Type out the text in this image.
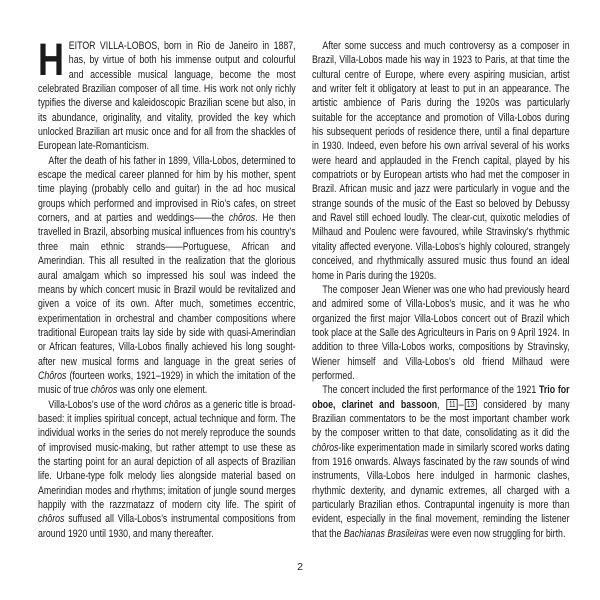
HEITOR VILLA-LOBOS, born in Rio de Janeiro in 1887, has, by virtue of both his immense output and colourful and accessible musical language, become the most celebrated Brazilian composer of all time. His work not only richly typifies the diverse and kaleidoscopic Brazilian scene but also, in its abundance, originality, and vitality, provided the key which unlocked Brazilian art music once and for all from the shackles of European late-Romanticism.

After the death of his father in 1899, Villa-Lobos, determined to escape the medical career planned for him by his mother, spent time playing (probably cello and guitar) in the ad hoc musical groups which performed and improvised in Rio’s cafes, on street corners, and at parties and weddings——the chôros. He then travelled in Brazil, absorbing musical influences from his country’s three main ethnic strands——Portuguese, African and Amerindian. This all resulted in the realization that the glorious aural amalgam which so impressed his soul was indeed the means by which concert music in Brazil would be revitalized and given a voice of its own. After much, sometimes eccentric, experimentation in orchestral and chamber compositions where traditional European traits lay side by side with quasi-Amerindian or African features, Villa-Lobos finally achieved his long sought-after new musical forms and language in the great series of Chôros (fourteen works, 1921–1929) in which the imitation of the music of true chôros was only one element.

Villa-Lobos’s use of the word chôros as a generic title is broad-based: it implies spiritual concept, actual technique and form. The individual works in the series do not merely reproduce the sounds of improvised music-making, but rather attempt to use these as the starting point for an aural depiction of all aspects of Brazilian life. Urbane-type folk melody lies alongside material based on Amerindian modes and rhythms; imitation of jungle sound merges happily with the razzmatazz of modern city life. The spirit of chôros suffused all Villa-Lobos’s instrumental compositions from around 1920 until 1930, and many thereafter.

After some success and much controversy as a composer in Brazil, Villa-Lobos made his way in 1923 to Paris, at that time the cultural centre of Europe, where every aspiring musician, artist and writer felt it obligatory at least to put in an appearance. The artistic ambience of Paris during the 1920s was particularly suitable for the acceptance and promotion of Villa-Lobos during his subsequent periods of residence there, until a final departure in 1930. Indeed, even before his own arrival several of his works were heard and applauded in the French capital, played by his compatriots or by European artists who had met the composer in Brazil. African music and jazz were particularly in vogue and the strange sounds of the music of the East so beloved by Debussy and Ravel still echoed loudly. The clear-cut, quixotic melodies of Milhaud and Poulenc were favoured, while Stravinsky’s rhythmic vitality affected everyone. Villa-Lobos’s highly coloured, strangely conceived, and rhythmically assured music thus found an ideal home in Paris during the 1920s.

The composer Jean Wiener was one who had previously heard and admired some of Villa-Lobos’s music, and it was he who organized the first major Villa-Lobos concert out of Brazil which took place at the Salle des Agriculteurs in Paris on 9 April 1924. In addition to three Villa-Lobos works, compositions by Stravinsky, Wiener himself and Villa-Lobos’s old friend Milhaud were performed.

The concert included the first performance of the 1921 Trio for oboe, clarinet and bassoon, 11 – 13 considered by many Brazilian commentators to be the most important chamber work by the composer written to that date, consolidating as it did the chôros-like experimentation made in similarly scored works dating from 1916 onwards. Always fascinated by the raw sounds of wind instruments, Villa-Lobos here indulged in harmonic clashes, rhythmic dexterity, and dynamic extremes, all charged with a particularly Brazilian ethos. Contrapuntal ingenuity is more than evident, especially in the final movement, reminding the listener that the Bachianas Brasileiras were even now struggling for birth.

2
